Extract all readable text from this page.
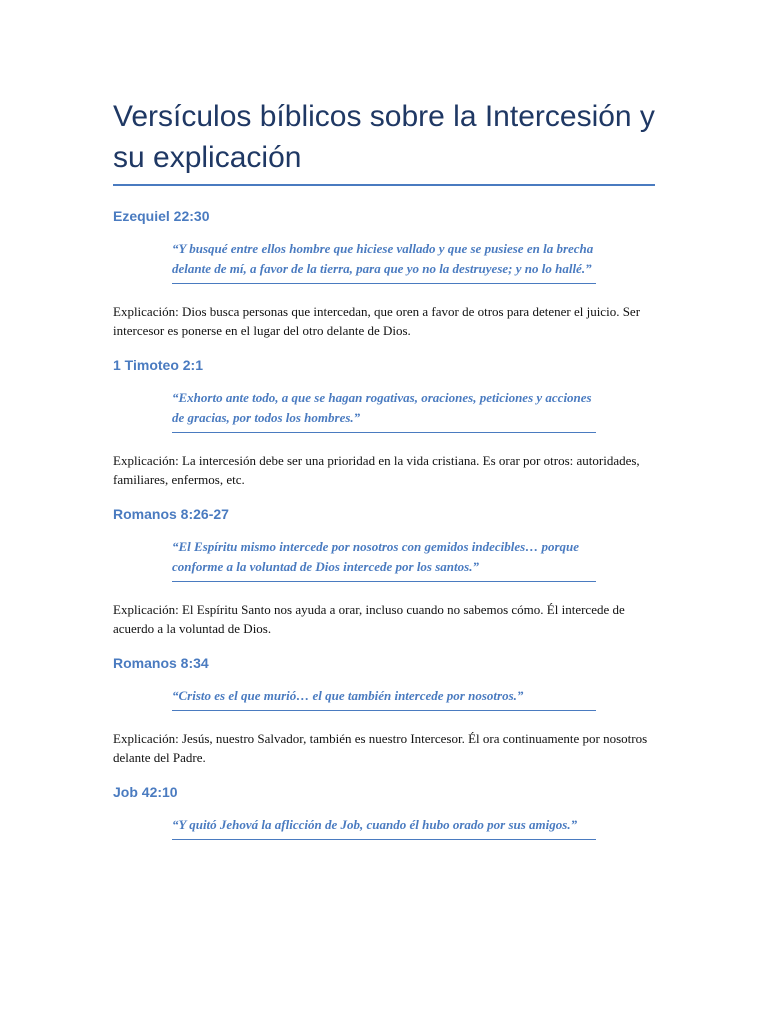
Versículos bíblicos sobre la Intercesión y su explicación
Ezequiel 22:30

“Y busqué entre ellos hombre que hiciese vallado y que se pusiese en la brecha delante de mí, a favor de la tierra, para que yo no la destruyese; y no lo hallé.”

Explicación: Dios busca personas que intercedan, que oren a favor de otros para detener el juicio. Ser intercesor es ponerse en el lugar del otro delante de Dios.

1 Timoteo 2:1

“Exhorto ante todo, a que se hagan rogativas, oraciones, peticiones y acciones de gracias, por todos los hombres.”

Explicación: La intercesión debe ser una prioridad en la vida cristiana. Es orar por otros: autoridades, familiares, enfermos, etc.

Romanos 8:26-27

“El Espíritu mismo intercede por nosotros con gemidos indecibles… porque conforme a la voluntad de Dios intercede por los santos.”

Explicación: El Espíritu Santo nos ayuda a orar, incluso cuando no sabemos cómo. Él intercede de acuerdo a la voluntad de Dios.

Romanos 8:34

“Cristo es el que murió… el que también intercede por nosotros.”

Explicación: Jesús, nuestro Salvador, también es nuestro Intercesor. Él ora continuamente por nosotros delante del Padre.

Job 42:10

“Y quitó Jehová la aflicción de Job, cuando él hubo orado por sus amigos.”
